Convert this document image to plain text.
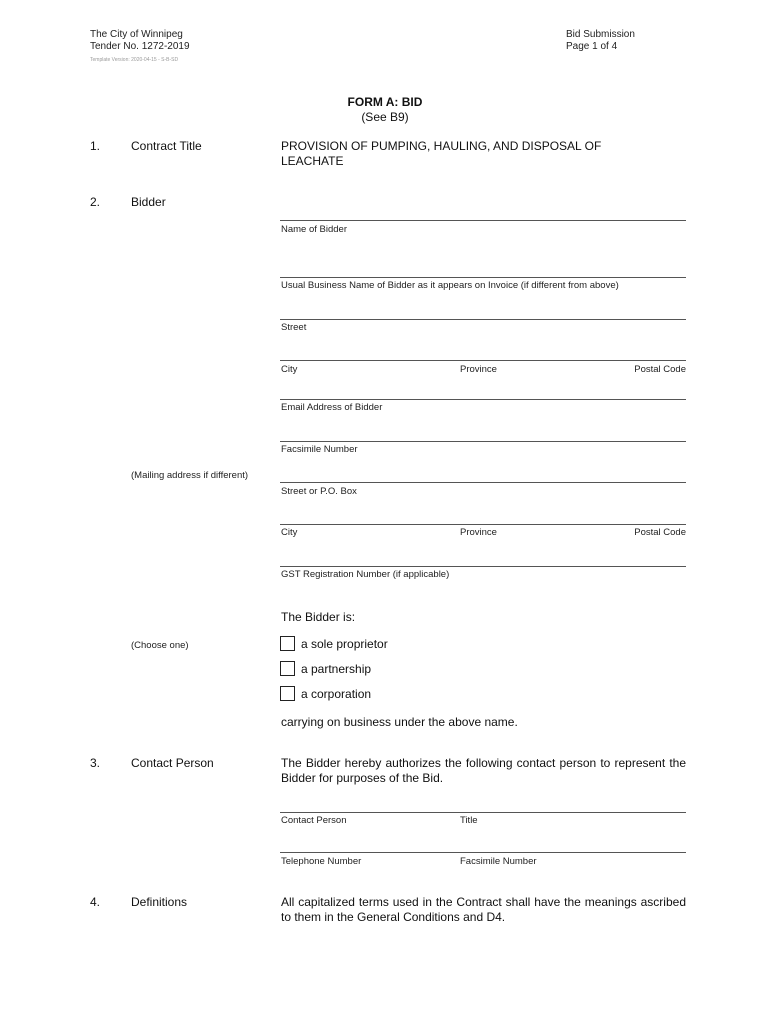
The City of Winnipeg
Tender No. 1272-2019
Template Version: 2020-04-15 - S-B-SD
Bid Submission
Page 1 of 4
FORM A: BID
(See B9)
1.	Contract Title	PROVISION OF PUMPING, HAULING, AND DISPOSAL OF
LEACHATE
2.	Bidder
Name of Bidder
Usual Business Name of Bidder as it appears on Invoice (if different from above)
Street
City	Province	Postal Code
Email Address of Bidder
Facsimile Number
(Mailing address if different)
Street or P.O. Box
City	Province	Postal Code
GST Registration Number (if applicable)
The Bidder is:
(Choose one)	a sole proprietor
a partnership
a corporation
carrying on business under the above name.
3.	Contact Person	The Bidder hereby authorizes the following contact person to represent the Bidder for purposes of the Bid.
Contact Person	Title
Telephone Number	Facsimile Number
4.	Definitions	All capitalized terms used in the Contract shall have the meanings ascribed to them in the General Conditions and D4.
